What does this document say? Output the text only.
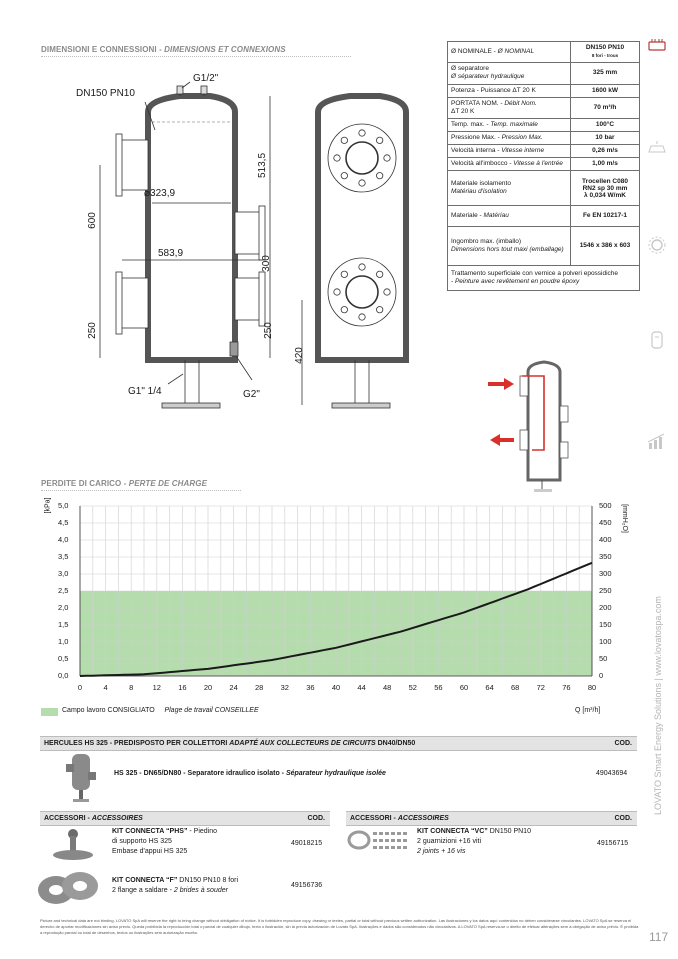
DIMENSIONI E CONNESSIONI - DIMENSIONS ET CONNEXIONS
DN150 PN10
G1/2"
⌀323,9
583,9
600
513,5
300
250	250
420
G1" 1/4	G2"
Ø NOMINALE - Ø NOMINAL	DN150 PN10
8 fori - trous
Ø separatore
Ø séparateur hydraulique	325 mm
Potenza - Puissance ΔT 20 K	1600 kW
PORTATA NOM. - Débit Nom.
ΔT 20 K	70 m³/h
Temp. max. - Temp. maximale	100°C
Pressione Max. - Pression Max.	10 bar
Velocità interna - Vitesse interne	0,26 m/s
Velocità all'imbocco - Vitesse à l'entrée	1,00 m/s
Materiale isolamento
Matériau d'isolation	Trocellen C080
RN2 sp 30 mm
λ 0,034 W/mK
Materiale - Matériau	Fe EN 10217-1
Ingombro max. (imballo)
Dimensions hors tout maxi (emballage)	1546 x 386 x 603
Trattamento superficiale con vernice a polveri epossidiche
- Peinture avec revêtement en poudre époxy	
PERDITE DI CARICO - PERTE DE CHARGE
[kPa]	[mmH₂O]
0,0
0,5
1,0
1,5
2,0
2,5
3,0
3,5
4,0
4,5
5,0
0
50
100
150
200
250
300
350
400
450
500
0	4	8	12	16	20	24	28	32	36	40	44	48	52	56	60	64	68	72	76	80
Campo lavoro CONSIGLIATO Plage de travail CONSEILLEE	Q [m³/h]
HERCULES HS 325 - PREDISPOSTO PER COLLETTORI ADAPTÉ AUX COLLECTEURS DE CIRCUITS DN40/DN50	COD.
HS 325 - DN65/DN80 - Separatore idraulico isolato - Séparateur hydraulique isolée	49043694
ACCESSORI - ACCESSOIRES	COD.
KIT CONNECTA “PHS” - Piedino
di supporto HS 325
Embase d'appui HS 325
49018215
KIT CONNECTA “F” DN150 PN10 8 fori
2 flange a saldare - 2 brides à souder
49156736
ACCESSORI - ACCESSOIRES	COD.
KIT CONNECTA “VC” DN150 PN10
2 guarnizioni +16 viti
2 joints + 16 vis
49156715
LOVATO Smart Energy Solutions | www.lovatospa.com
117
Picture and technical data are not binding. LOVATO SpA will reserve the right to bring change without obbligation of notice. It is forbidden reproduce copy, drawing or textes, partial or total without previous written authorization. Las ilustraciones y los datos aquí contenidos no deben considerarse vinculantes. LOVATO SpA se reserva el derecho de aportar modificaciones sin aviso previo. Queda prohibida la reproducción total o parcial de cualquier dibujo, texto o ilustración, sin la previa autorización de Lovato SpA. Ilustrações e dados são considerados não vinculativos. A LOVATO SpA reserva-se o direito de efetuar alterações sem a obrigação de aviso prévio. É proibida a reprodução parcial ou total de desenhos, textos ou ilustrações sem autorização escrita.
